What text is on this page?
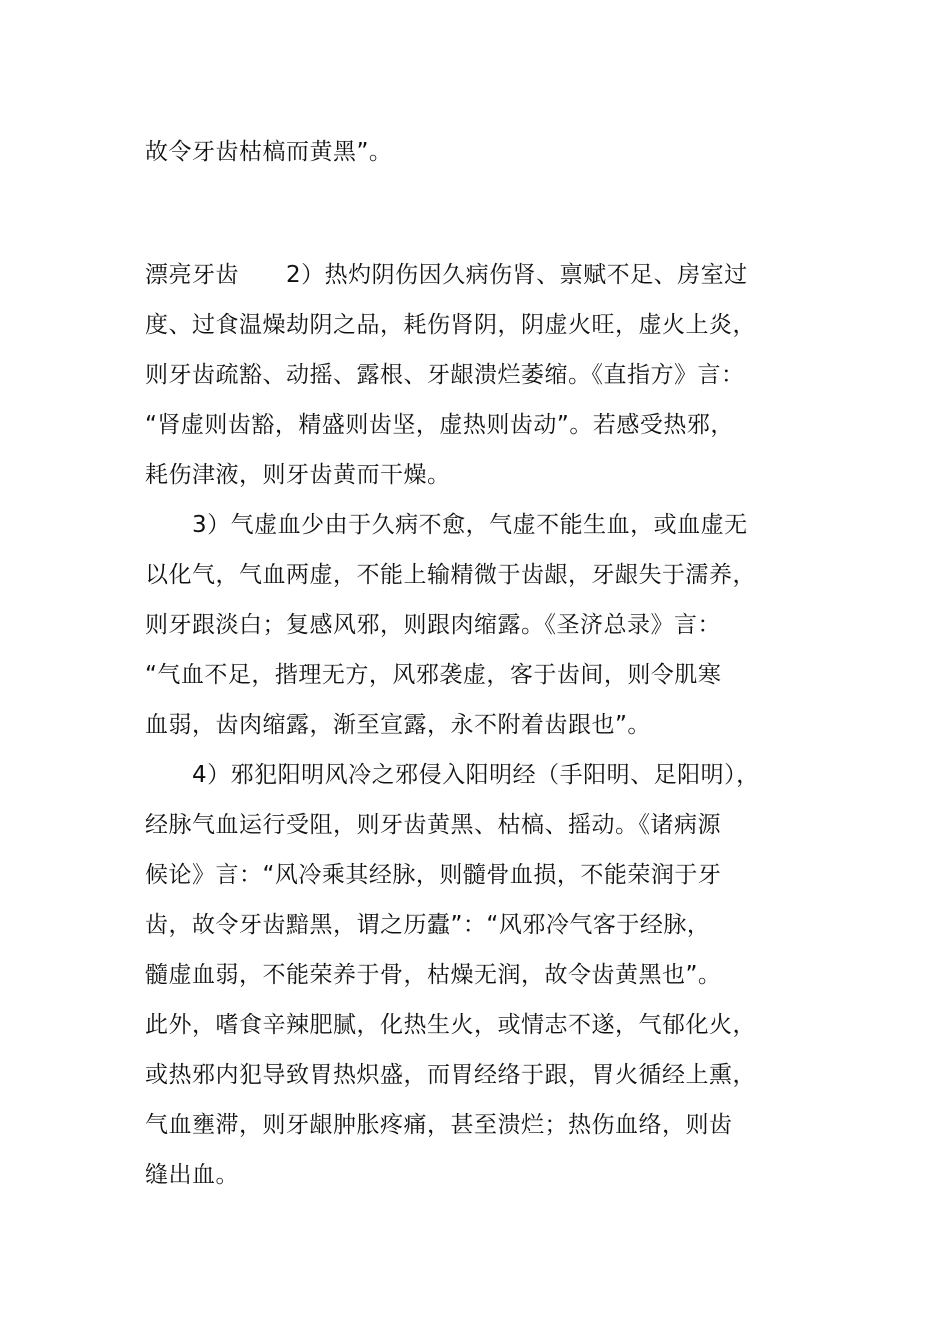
故令牙齿枯槁而黄黑”。
漂亮牙齿　　2）热灼阴伤因久病伤肾、禀赋不足、房室过
度、过食温燥劫阴之品，耗伤肾阴，阴虚火旺，虚火上炎，
则牙齿疏豁、动摇、露根、牙龈溃烂萎缩。《直指方》言：
“肾虚则齿豁，精盛则齿坚，虚热则齿动”。若感受热邪，
耗伤津液，则牙齿黄而干燥。
　　3）气虚血少由于久病不愈，气虚不能生血，或血虚无
以化气，气血两虚，不能上输精微于齿龈，牙龈失于濡养，
则牙跟淡白；复感风邪，则跟肉缩露。《圣济总录》言：
“气血不足，揩理无方，风邪袭虚，客于齿间，则令肌寒
血弱，齿肉缩露，渐至宣露，永不附着齿跟也”。
　　4）邪犯阳明风冷之邪侵入阳明经（手阳明、足阳明），
经脉气血运行受阻，则牙齿黄黑、枯槁、摇动。《诸病源
候论》言：“风冷乘其经脉，则髓骨血损，不能荣润于牙
齿，故令牙齿黯黑，谓之历蠹”：“风邪冷气客于经脉，
髓虚血弱，不能荣养于骨，枯燥无润，故令齿黄黑也”。
此外，嗜食辛辣肥腻，化热生火，或情志不遂，气郁化火，
或热邪内犯导致胃热炽盛，而胃经络于跟，胃火循经上熏，
气血壅滞，则牙龈肿胀疼痛，甚至溃烂；热伤血络，则齿
缝出血。
